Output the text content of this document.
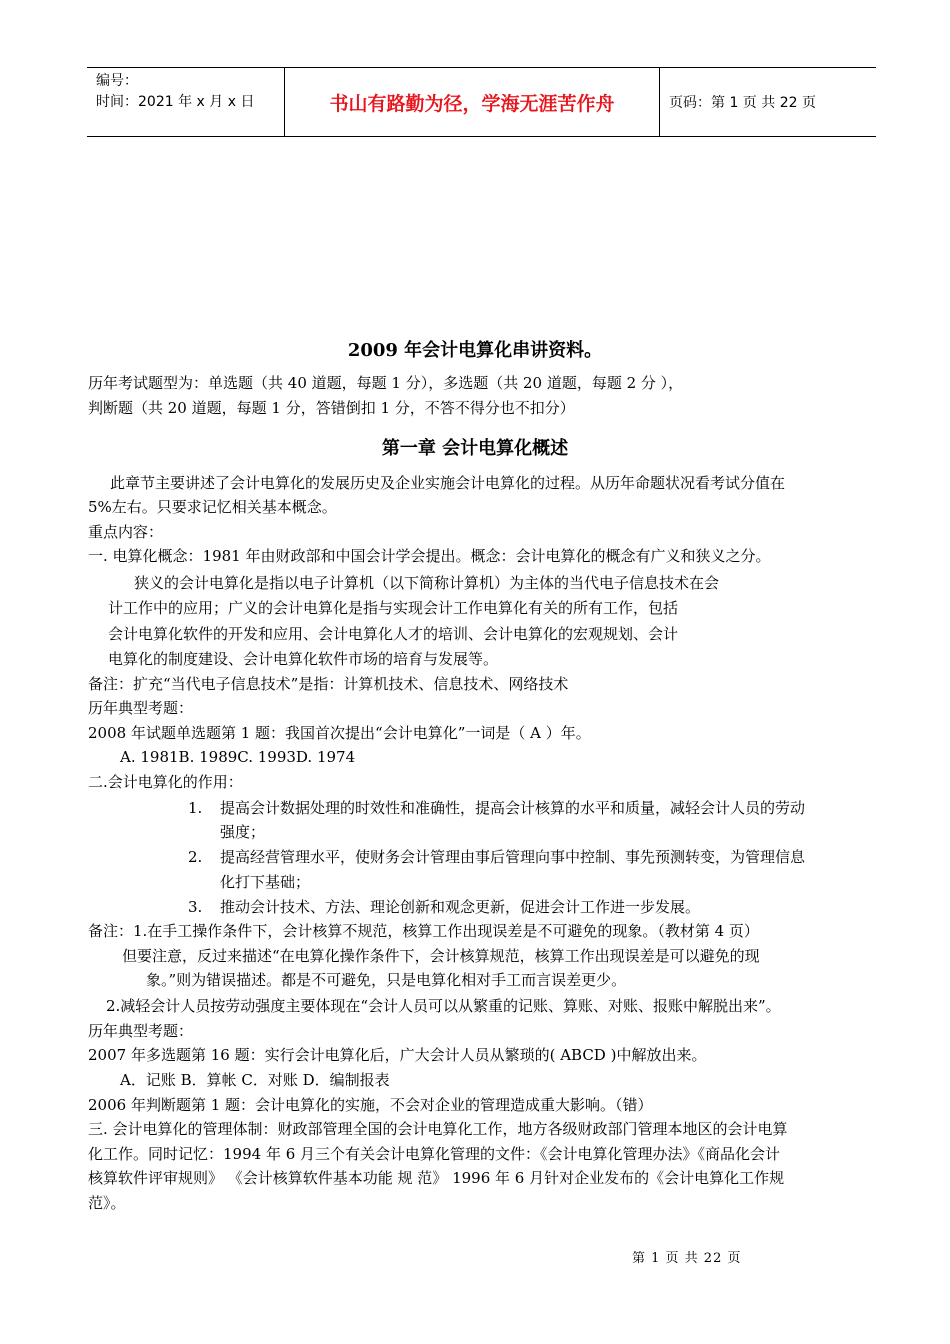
编号：
时间：2021 年 x 月 x 日	书山有路勤为径，学海无涯苦作舟	页码：第 1 页 共 22 页
2009 年会计电算化串讲资料。
历年考试题型为：单选题（共 40 道题，每题 1 分），多选题（共 20 道题，每题 2 分 ），
判断题（共 20 道题，每题 1 分，答错倒扣 1 分，不答不得分也不扣分）
第一章 会计电算化概述
此章节主要讲述了会计电算化的发展历史及企业实施会计电算化的过程。从历年命题状况看考试分值在
5%左右。只要求记忆相关基本概念。
重点内容：
一. 电算化概念：1981 年由财政部和中国会计学会提出。概念：会计电算化的概念有广义和狭义之分。
狭义的会计电算化是指以电子计算机（以下简称计算机）为主体的当代电子信息技术在会
计工作中的应用；广义的会计电算化是指与实现会计工作电算化有关的所有工作，包括
会计电算化软件的开发和应用、会计电算化人才的培训、会计电算化的宏观规划、会计
电算化的制度建设、会计电算化软件市场的培育与发展等。
备注：扩充“当代电子信息技术”是指：计算机技术、信息技术、网络技术
历年典型考题：
2008 年试题单选题第 1 题：我国首次提出“会计电算化”一词是（ A ）年。
A. 1981B. 1989C. 1993D. 1974
二.会计电算化的作用：
1. 提高会计数据处理的时效性和准确性，提高会计核算的水平和质量，减轻会计人员的劳动
强度；
2. 提高经营管理水平，使财务会计管理由事后管理向事中控制、事先预测转变，为管理信息
化打下基础；
3. 推动会计技术、方法、理论创新和观念更新，促进会计工作进一步发展。
备注：1.在手工操作条件下，会计核算不规范，核算工作出现误差是不可避免的现象。（教材第 4 页）
但要注意，反过来描述“在电算化操作条件下，会计核算规范，核算工作出现误差是可以避免的现
象。”则为错误描述。都是不可避免，只是电算化相对手工而言误差更少。
2.减轻会计人员按劳动强度主要体现在“会计人员可以从繁重的记账、算账、对账、报账中解脱出来”。
历年典型考题：
2007 年多选题第 16 题：实行会计电算化后，广大会计人员从繁琐的( ABCD )中解放出来。
A．记账 B．算帐 C．对账 D．编制报表
2006 年判断题第 1 题：会计电算化的实施，不会对企业的管理造成重大影响。（错）
三. 会计电算化的管理体制：财政部管理全国的会计电算化工作，地方各级财政部门管理本地区的会计电算
化工作。同时记忆：1994 年 6 月三个有关会计电算化管理的文件：《会计电算化管理办法》《商品化会计
核算软件评审规则》 《会计核算软件基本功能 规 范》 1996 年 6 月针对企业发布的《会计电算化工作规
范》。
第 1 页 共 22 页
